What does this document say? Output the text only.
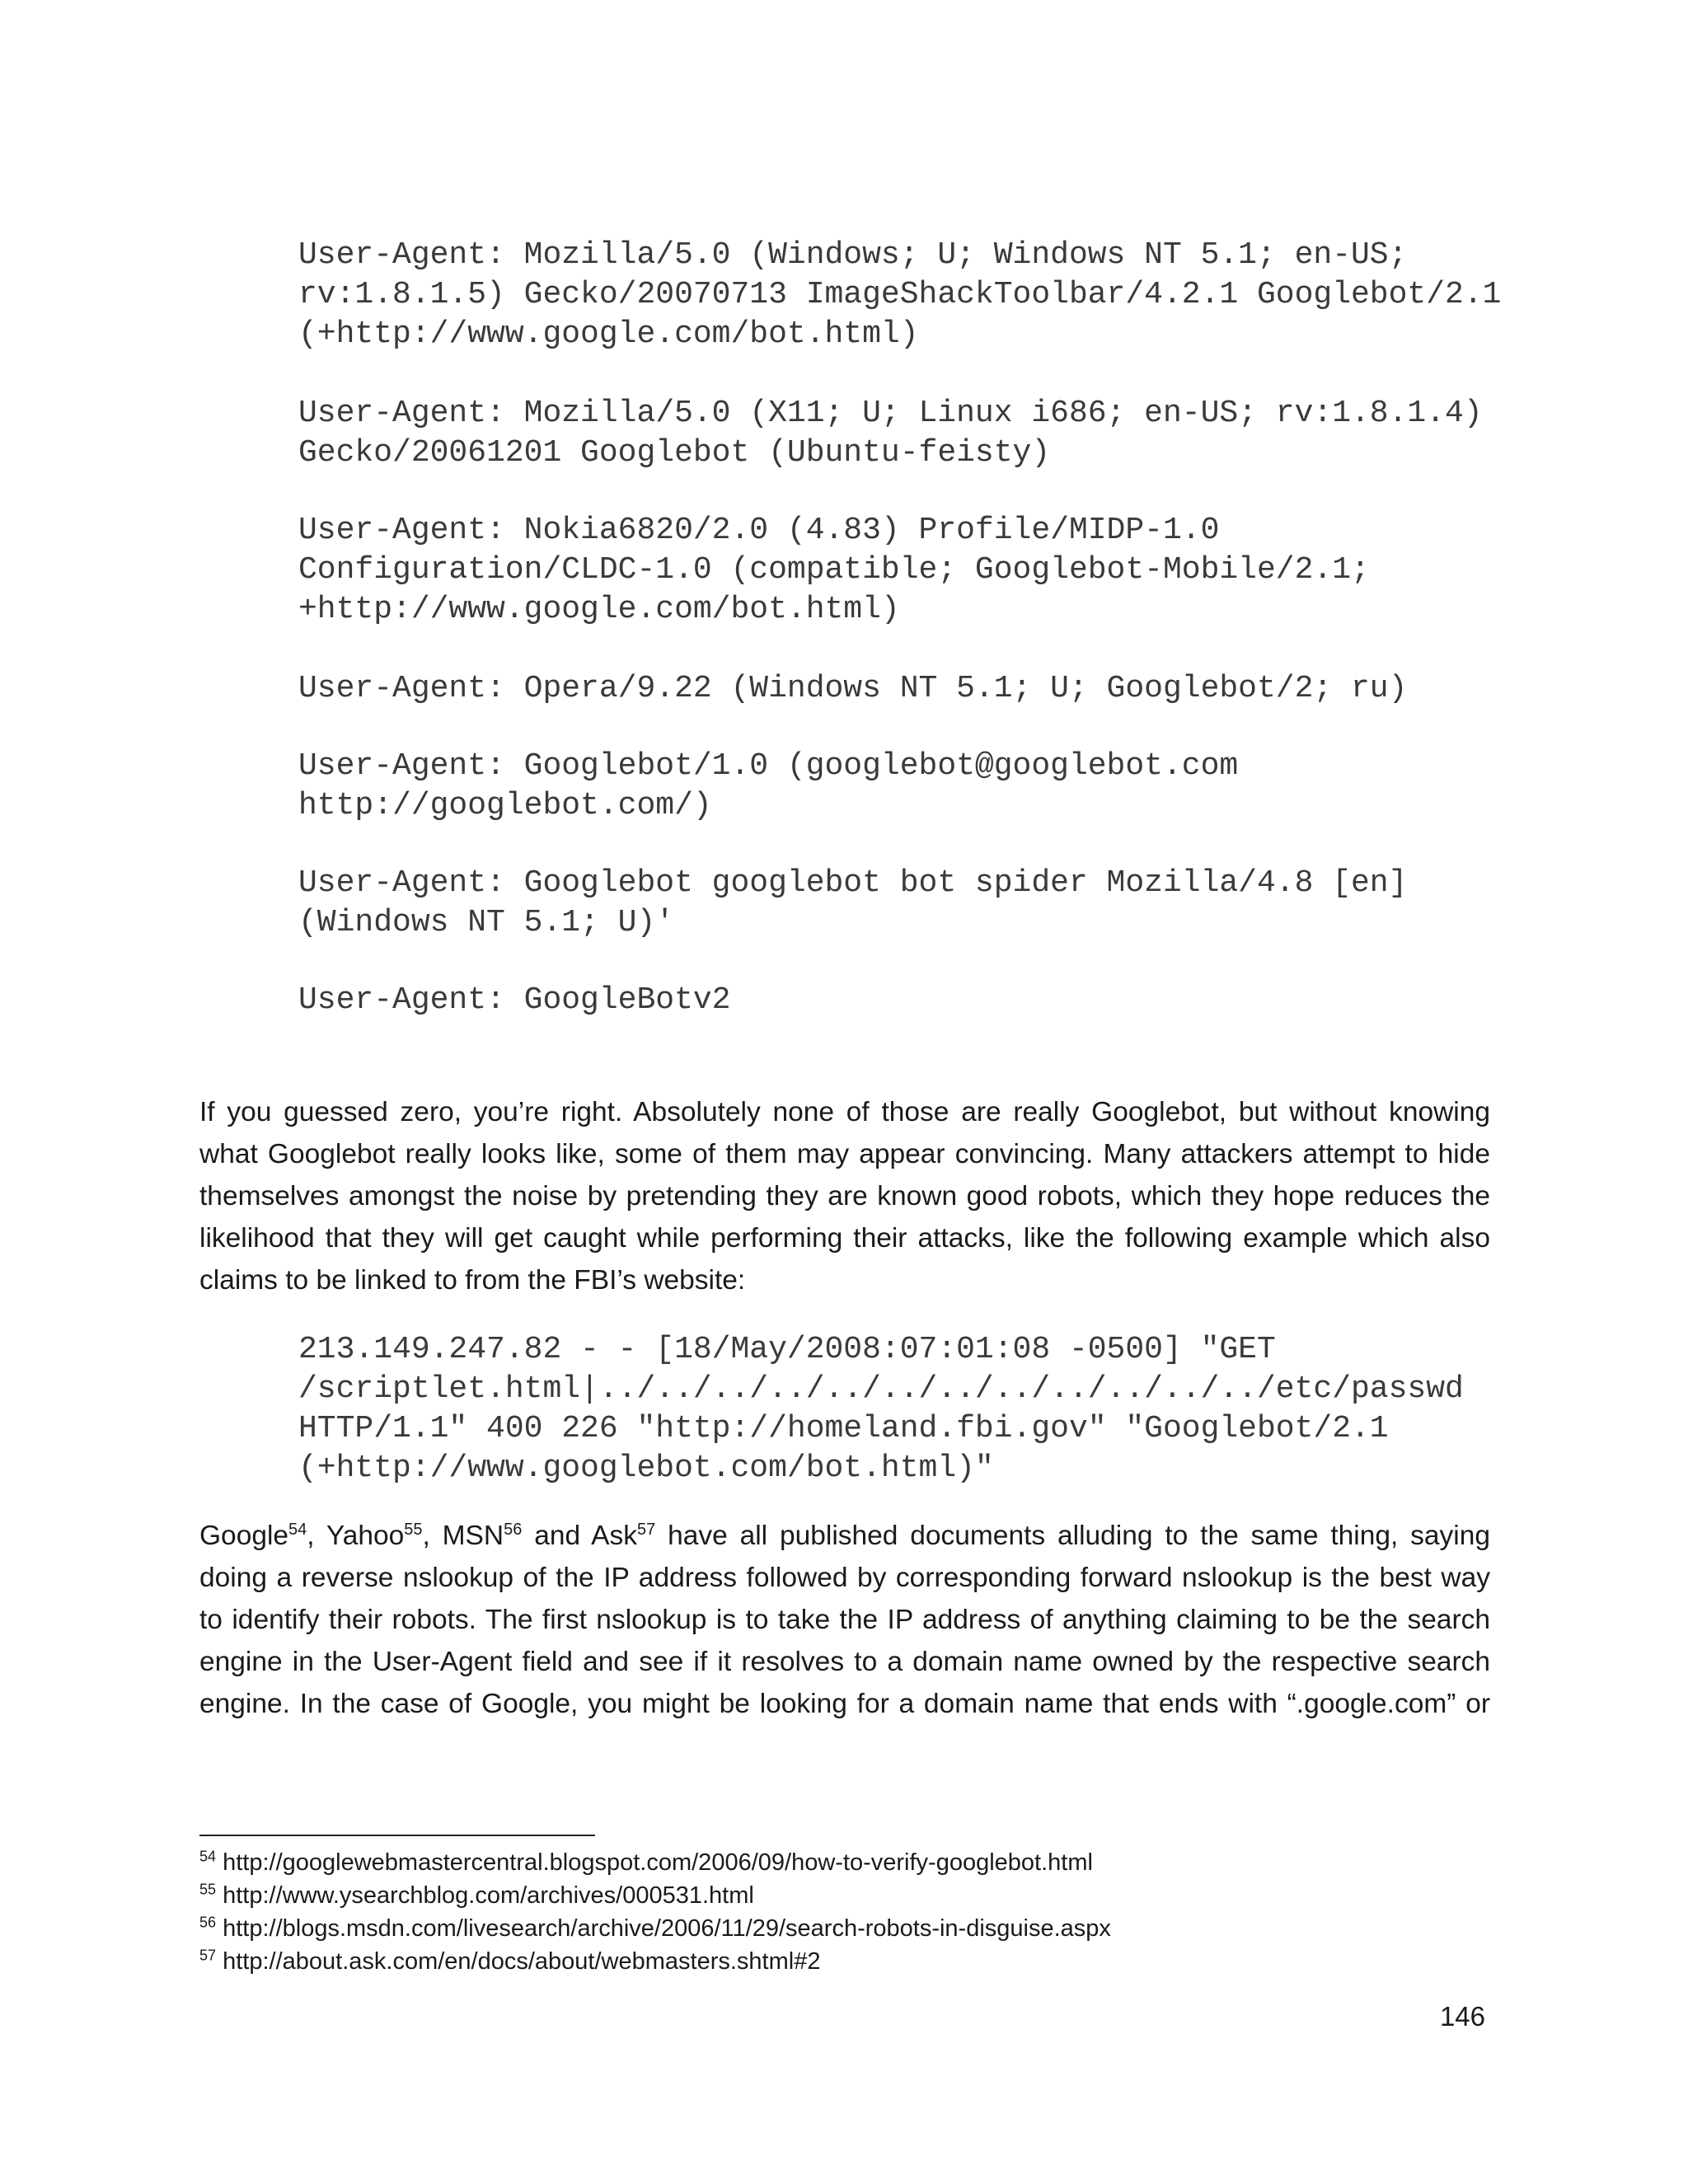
User-Agent: Mozilla/5.0 (Windows; U; Windows NT 5.1; en-US;
rv:1.8.1.5) Gecko/20070713 ImageShackToolbar/4.2.1 Googlebot/2.1
(+http://www.google.com/bot.html)
User-Agent: Mozilla/5.0 (X11; U; Linux i686; en-US; rv:1.8.1.4)
Gecko/20061201 Googlebot (Ubuntu-feisty)
User-Agent: Nokia6820/2.0 (4.83) Profile/MIDP-1.0
Configuration/CLDC-1.0 (compatible; Googlebot-Mobile/2.1;
+http://www.google.com/bot.html)
User-Agent: Opera/9.22 (Windows NT 5.1; U; Googlebot/2; ru)
User-Agent: Googlebot/1.0 (googlebot@googlebot.com
http://googlebot.com/)
User-Agent: Googlebot googlebot bot spider Mozilla/4.8 [en]
(Windows NT 5.1; U)'
User-Agent: GoogleBotv2
If you guessed zero, you’re right. Absolutely none of those are really Googlebot, but without knowing
what Googlebot really looks like, some of them may appear convincing. Many attackers attempt to hide
themselves amongst the noise by pretending they are known good robots, which they hope reduces the
likelihood that they will get caught while performing their attacks, like the following example which also
claims to be linked to from the FBI’s website:
213.149.247.82 - - [18/May/2008:07:01:08 -0500] "GET
/scriptlet.html|../../../../../../../../../../../../etc/passwd
HTTP/1.1" 400 226 "http://homeland.fbi.gov" "Googlebot/2.1
(+http://www.googlebot.com/bot.html)"
Google$^{54}$, Yahoo$^{55}$, MSN$^{56}$ and Ask$^{57}$ have all published documents alluding to the same thing, saying
doing a reverse nslookup of the IP address followed by corresponding forward nslookup is the best way
to identify their robots. The first nslookup is to take the IP address of anything claiming to be the search
engine in the User-Agent field and see if it resolves to a domain name owned by the respective search
engine. In the case of Google, you might be looking for a domain name that ends with “.google.com” or
$^{54}$ http://googlewebmastercentral.blogspot.com/2006/09/how-to-verify-googlebot.html
$^{55}$ http://www.ysearchblog.com/archives/000531.html
$^{56}$ http://blogs.msdn.com/livesearch/archive/2006/11/29/search-robots-in-disguise.aspx
$^{57}$ http://about.ask.com/en/docs/about/webmasters.shtml#2
146
